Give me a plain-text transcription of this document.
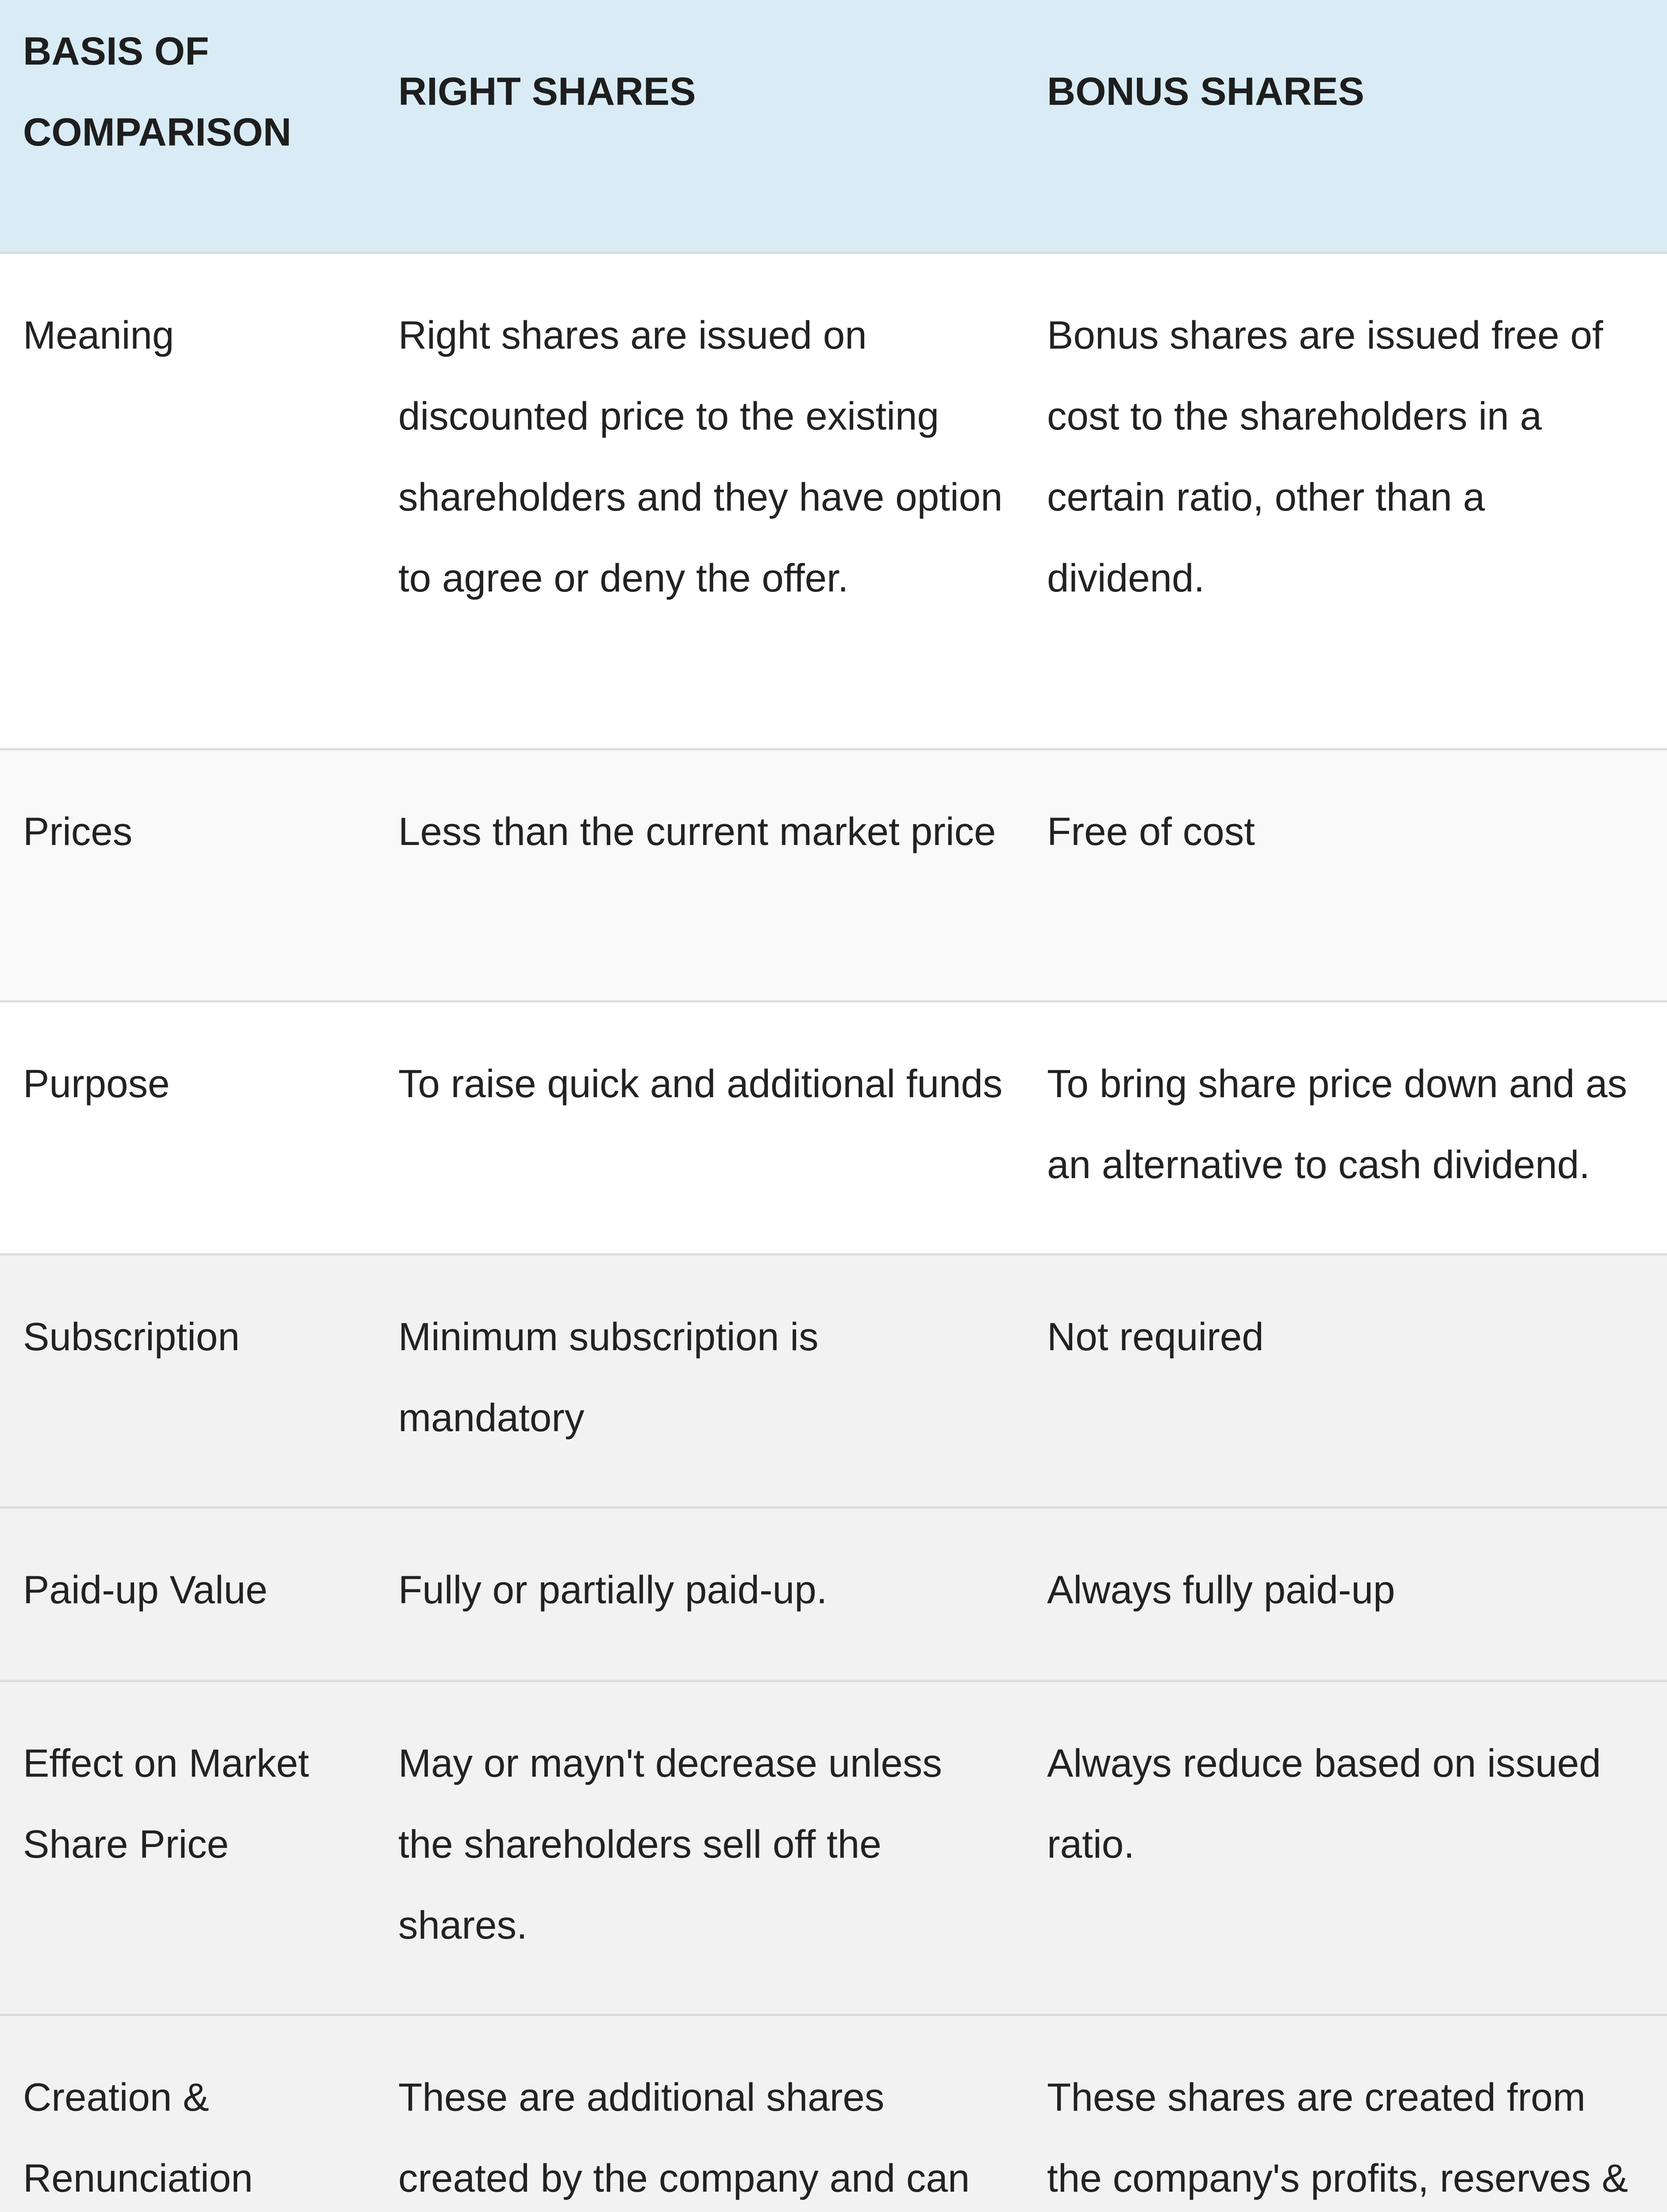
BASIS OF COMPARISON	RIGHT SHARES	BONUS SHARES
Meaning	Right shares are issued on discounted price to the existing shareholders and they have option to agree or deny the offer.	Bonus shares are issued free of cost to the shareholders in a certain ratio, other than a dividend.
Prices	Less than the current market price	Free of cost
Purpose	To raise quick and additional funds	To bring share price down and as an alternative to cash dividend.
Subscription	Minimum subscription is mandatory	Not required
Paid-up Value	Fully or partially paid-up.	Always fully paid-up
Effect on Market Share Price	May or mayn't decrease unless the shareholders sell off the shares.	Always reduce based on issued ratio.
Creation & Renunciation	These are additional shares created by the company and can	These shares are created from the company's profits, reserves &
